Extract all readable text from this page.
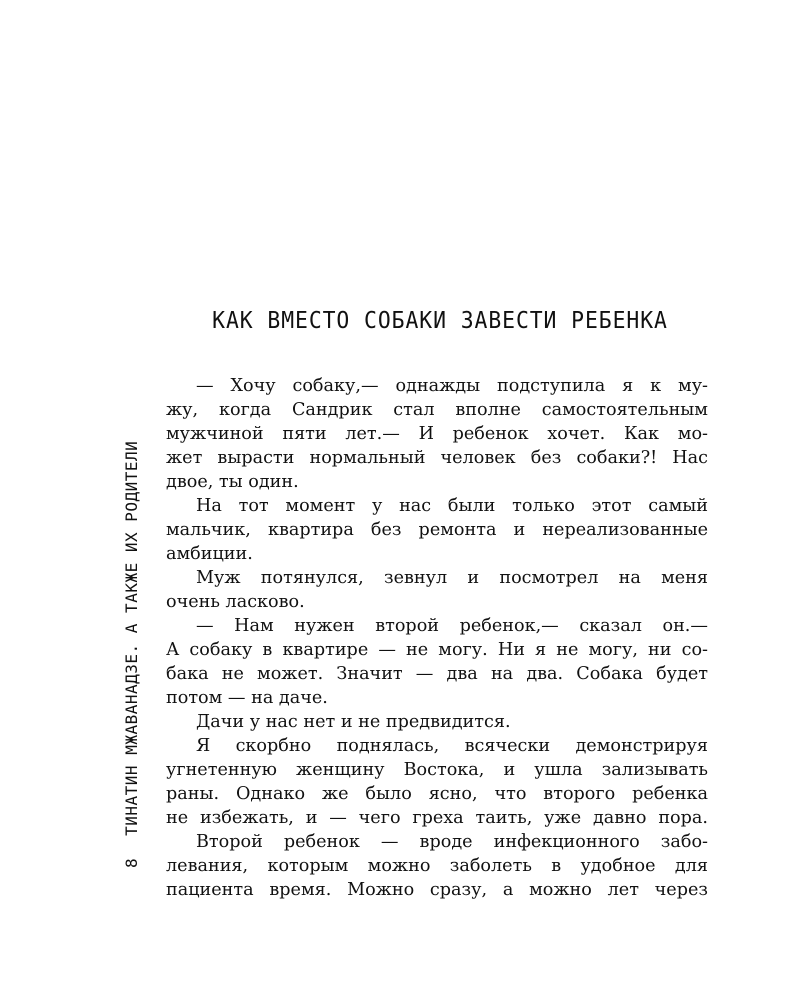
8ТИНАТИН МЖАВАНАДЗЕ. А ТАКЖЕ ИХ РОДИТЕЛИ
КАК ВМЕСТО СОБАКИ ЗАВЕСТИ РЕБЕНКА
— Хочу собаку,— однажды подступила я к му-
жу, когда Сандрик стал вполне самостоятельным
мужчиной пяти лет.— И ребенок хочет. Как мо-
жет вырасти нормальный человек без собаки?! Нас
двое, ты один.
На тот момент у нас были только этот самый
мальчик, квартира без ремонта и нереализованные
амбиции.
Муж потянулся, зевнул и посмотрел на меня
очень ласково.
— Нам нужен второй ребенок,— сказал он.—
А собаку в квартире — не могу. Ни я не могу, ни со-
бака не может. Значит — два на два. Собака будет
потом — на даче.
Дачи у нас нет и не предвидится.
Я скорбно поднялась, всячески демонстрируя
угнетенную женщину Востока, и ушла зализывать
раны. Однако же было ясно, что второго ребенка
не избежать, и — чего греха таить, уже давно пора.
Второй ребенок — вроде инфекционного забо-
левания, которым можно заболеть в удобное для
пациента время. Можно сразу, а можно лет через
